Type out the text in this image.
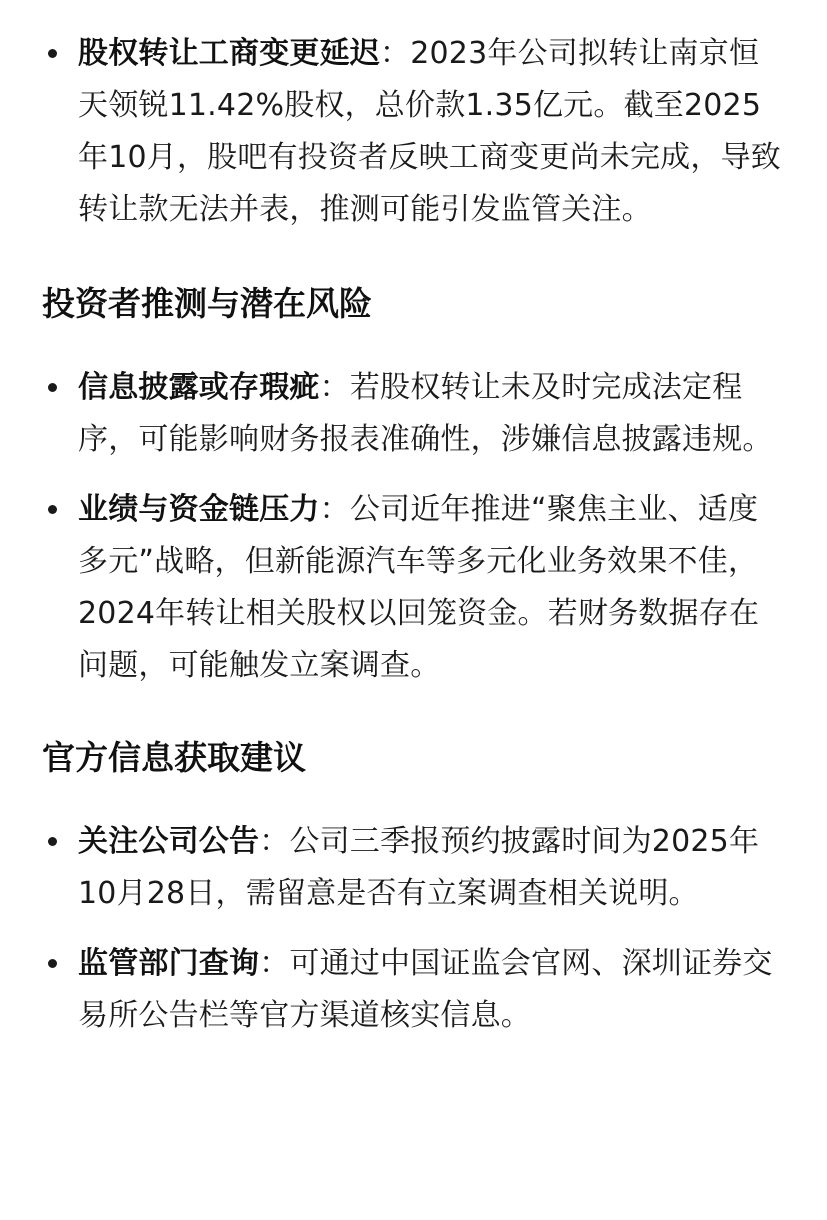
股权转让工商变更延迟：2023年公司拟转让南京恒天领锐11.42%股权，总价款1.35亿元。截至2025年10月，股吧有投资者反映工商变更尚未完成，导致转让款无法并表，推测可能引发监管关注。
投资者推测与潜在风险
信息披露或存瑕疵：若股权转让未及时完成法定程序，可能影响财务报表准确性，涉嫌信息披露违规。
业绩与资金链压力：公司近年推进“聚焦主业、适度多元”战略，但新能源汽车等多元化业务效果不佳，2024年转让相关股权以回笼资金。若财务数据存在问题，可能触发立案调查。
官方信息获取建议
关注公司公告：公司三季报预约披露时间为2025年10月28日，需留意是否有立案调查相关说明。
监管部门查询：可通过中国证监会官网、深圳证券交易所公告栏等官方渠道核实信息。
